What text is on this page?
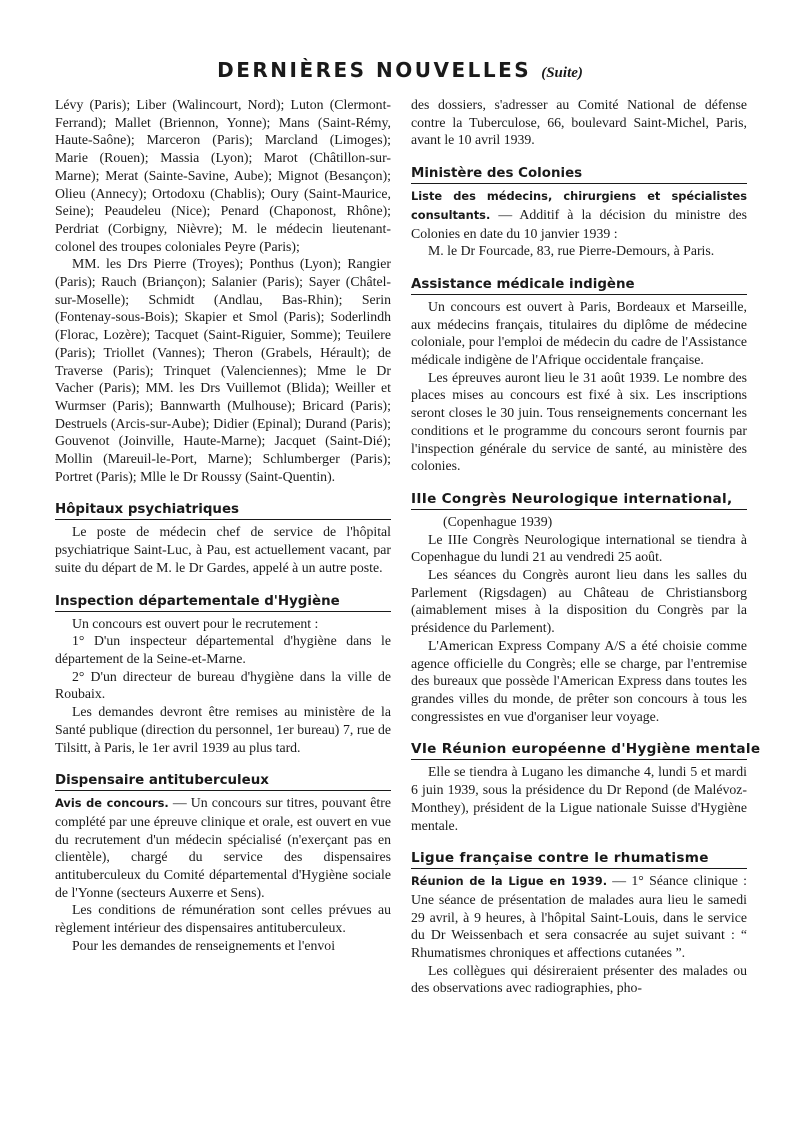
DERNIÈRES NOUVELLES (Suite)

Lévy (Paris); Liber (Walincourt, Nord); Luton (Clermont-Ferrand); Mallet (Briennon, Yonne); Mans (Saint-Rémy, Haute-Saône); Marceron (Paris); Marcland (Limoges); Marie (Rouen); Massia (Lyon); Marot (Châtillon-sur-Marne); Merat (Sainte-Savine, Aube); Mignot (Besançon); Olieu (Annecy); Ortodoxu (Chablis); Oury (Saint-Maurice, Seine); Peaudeleu (Nice); Penard (Chaponost, Rhône); Perdriat (Corbigny, Nièvre); M. le médecin lieutenant-colonel des troupes coloniales Peyre (Paris);

MM. les Drs Pierre (Troyes); Ponthus (Lyon); Rangier (Paris); Rauch (Briançon); Salanier (Paris); Sayer (Châtel-sur-Moselle); Schmidt (Andlau, Bas-Rhin); Serin (Fontenay-sous-Bois); Skapier et Smol (Paris); Soderlindh (Florac, Lozère); Tacquet (Saint-Riguier, Somme); Teuilere (Paris); Triollet (Vannes); Theron (Grabels, Hérault); de Traverse (Paris); Trinquet (Valenciennes); Mme le Dr Vacher (Paris); MM. les Drs Vuillemot (Blida); Weiller et Wurmser (Paris); Bannwarth (Mulhouse); Bricard (Paris); Destruels (Arcis-sur-Aube); Didier (Epinal); Durand (Paris); Gouvenot (Joinville, Haute-Marne); Jacquet (Saint-Dié); Mollin (Mareuil-le-Port, Marne); Schlumberger (Paris); Portret (Paris); Mlle le Dr Roussy (Saint-Quentin).

Hôpitaux psychiatriques

Le poste de médecin chef de service de l'hôpital psychiatrique Saint-Luc, à Pau, est actuellement vacant, par suite du départ de M. le Dr Gardes, appelé à un autre poste.

Inspection départementale d'Hygiène

Un concours est ouvert pour le recrutement :

1° D'un inspecteur départemental d'hygiène dans le département de la Seine-et-Marne.

2° D'un directeur de bureau d'hygiène dans la ville de Roubaix.

Les demandes devront être remises au ministère de la Santé publique (direction du personnel, 1er bureau) 7, rue de Tilsitt, à Paris, le 1er avril 1939 au plus tard.

Dispensaire antituberculeux

Avis de concours. — Un concours sur titres, pouvant être complété par une épreuve clinique et orale, est ouvert en vue du recrutement d'un médecin spécialisé (n'exerçant pas en clientèle), chargé du service des dispensaires antituberculeux du Comité départemental d'Hygiène sociale de l'Yonne (secteurs Auxerre et Sens).

Les conditions de rémunération sont celles prévues au règlement intérieur des dispensaires antituberculeux.

Pour les demandes de renseignements et l'envoi

des dossiers, s'adresser au Comité National de défense contre la Tuberculose, 66, boulevard Saint-Michel, Paris, avant le 10 avril 1939.

Ministère des Colonies

Liste des médecins, chirurgiens et spécialistes consultants. — Additif à la décision du ministre des Colonies en date du 10 janvier 1939 :

M. le Dr Fourcade, 83, rue Pierre-Demours, à Paris.

Assistance médicale indigène

Un concours est ouvert à Paris, Bordeaux et Marseille, aux médecins français, titulaires du diplôme de médecine coloniale, pour l'emploi de médecin du cadre de l'Assistance médicale indigène de l'Afrique occidentale française.

Les épreuves auront lieu le 31 août 1939. Le nombre des places mises au concours est fixé à six. Les inscriptions seront closes le 30 juin. Tous renseignements concernant les conditions et le programme du concours seront fournis par l'inspection générale du service de santé, au ministère des colonies.

IIIe Congrès Neurologique international,

(Copenhague 1939)

Le IIIe Congrès Neurologique international se tiendra à Copenhague du lundi 21 au vendredi 25 août.

Les séances du Congrès auront lieu dans les salles du Parlement (Rigsdagen) au Château de Christiansborg (aimablement mises à la disposition du Congrès par la présidence du Parlement).

L'American Express Company A/S a été choisie comme agence officielle du Congrès; elle se charge, par l'entremise des bureaux que possède l'American Express dans toutes les grandes villes du monde, de prêter son concours à tous les congressistes en vue d'organiser leur voyage.

VIe Réunion européenne d'Hygiène mentale

Elle se tiendra à Lugano les dimanche 4, lundi 5 et mardi 6 juin 1939, sous la présidence du Dr Repond (de Malévoz-Monthey), président de la Ligue nationale Suisse d'Hygiène mentale.

Ligue française contre le rhumatisme

Réunion de la Ligue en 1939. — 1° Séance clinique : Une séance de présentation de malades aura lieu le samedi 29 avril, à 9 heures, à l'hôpital Saint-Louis, dans le service du Dr Weissenbach et sera consacrée au sujet suivant : “ Rhumatismes chroniques et affections cutanées ”.

Les collègues qui désireraient présenter des malades ou des observations avec radiographies, pho-
